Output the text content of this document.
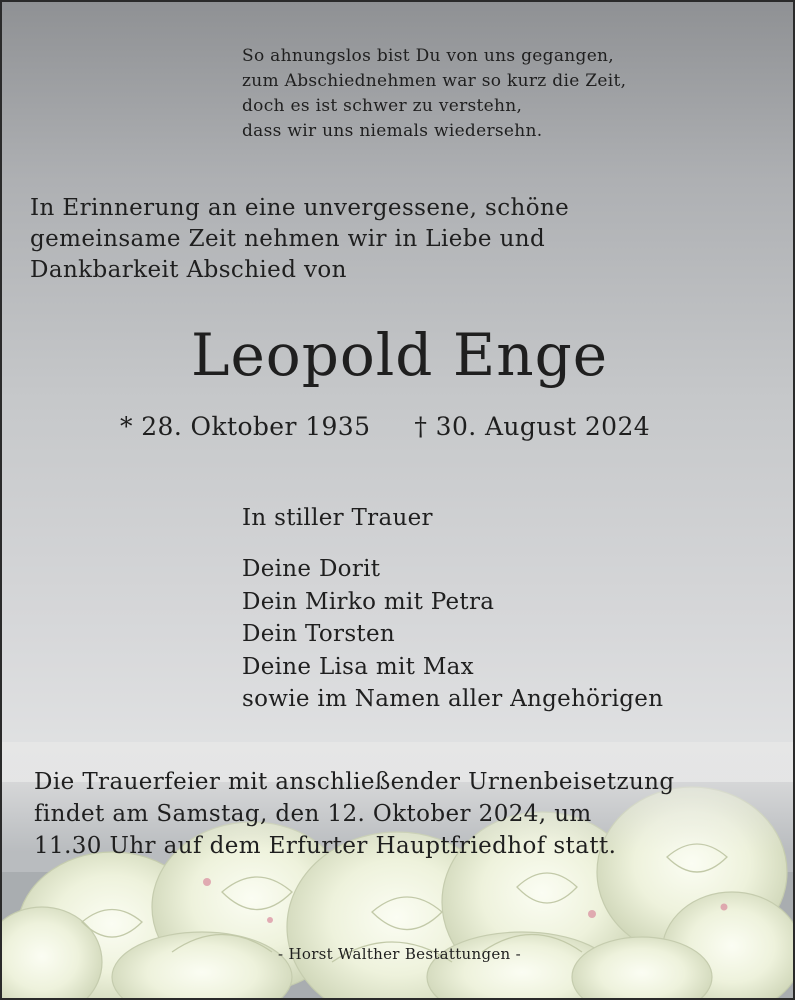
So ahnungslos bist Du von uns gegangen,
zum Abschiednehmen war so kurz die Zeit,
doch es ist schwer zu verstehn,
dass wir uns niemals wiedersehn.
In Erinnerung an eine unvergessene, schöne
gemeinsame Zeit nehmen wir in Liebe und
Dankbarkeit Abschied von
Leopold Enge
* 28. Oktober 1935 † 30. August 2024
In stiller Trauer
Deine Dorit
Dein Mirko mit Petra
Dein Torsten
Deine Lisa mit Max
sowie im Namen aller Angehörigen
Die Trauerfeier mit anschließender Urnenbeisetzung
findet am Samstag, den 12. Oktober 2024, um
11.30 Uhr auf dem Erfurter Hauptfriedhof statt.
- Horst Walther Bestattungen -
